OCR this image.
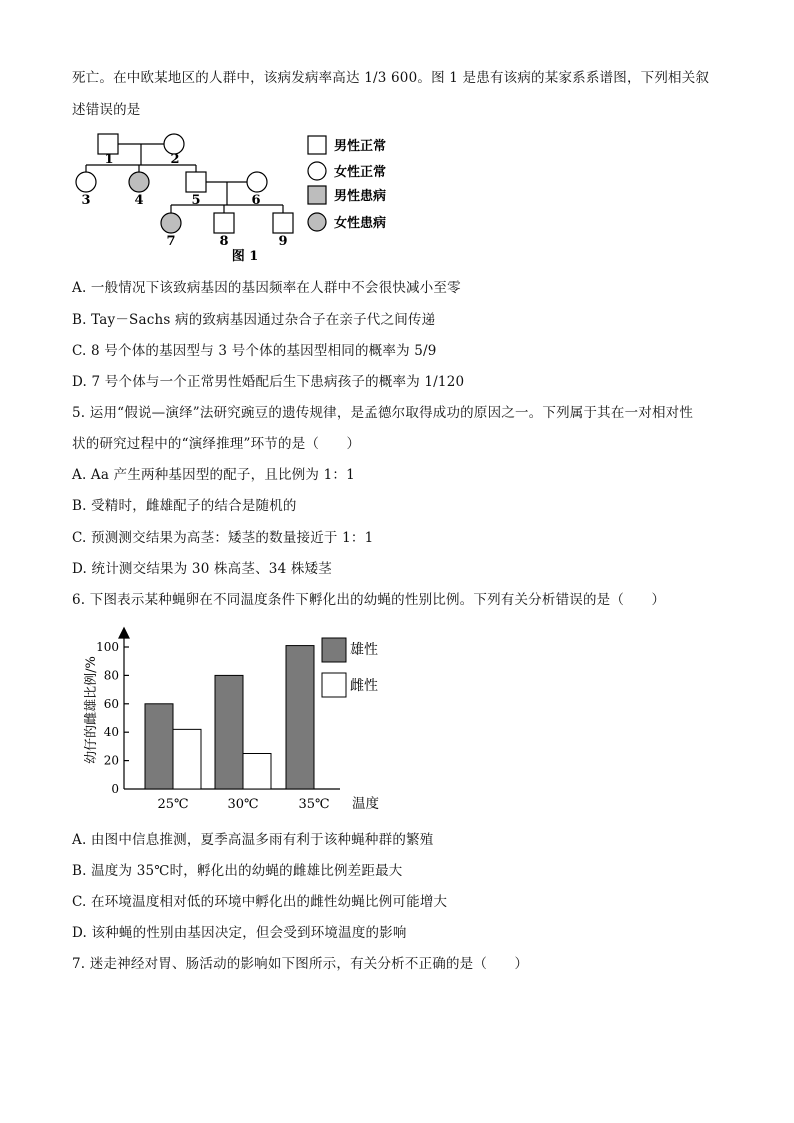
死亡。在中欧某地区的人群中，该病发病率高达 1/3 600。图 1 是患有该病的某家系系谱图，下列相关叙
述错误的是
1	2
3	4	5	6
7	8	9
图 1
男性正常
女性正常
男性患病
女性患病
A. 一般情况下该致病基因的基因频率在人群中不会很快减小至零
B. Tay－Sachs 病的致病基因通过杂合子在亲子代之间传递
C. 8 号个体的基因型与 3 号个体的基因型相同的概率为 5/9
D. 7 号个体与一个正常男性婚配后生下患病孩子的概率为 1/120
5. 运用“假说—演绎”法研究豌豆的遗传规律，是孟德尔取得成功的原因之一。下列属于其在一对相对性
状的研究过程中的“演绎推理”环节的是（　　）
A. Aa 产生两种基因型的配子，且比例为 1：1
B. 受精时，雌雄配子的结合是随机的
C. 预测测交结果为高茎：矮茎的数量接近于 1：1
D. 统计测交结果为 30 株高茎、34 株矮茎
6. 下图表示某种蝇卵在不同温度条件下孵化出的幼蝇的性别比例。下列有关分析错误的是（　　）
幼仔的雌雄比例/%
温度
0
20
40
60
80
100
25℃	30℃	35℃
雄性
雌性
A. 由图中信息推测，夏季高温多雨有利于该种蝇种群的繁殖
B. 温度为 35℃时，孵化出的幼蝇的雌雄比例差距最大
C. 在环境温度相对低的环境中孵化出的雌性幼蝇比例可能增大
D. 该种蝇的性别由基因决定，但会受到环境温度的影响
7. 迷走神经对胃、肠活动的影响如下图所示，有关分析不正确的是（　　）
